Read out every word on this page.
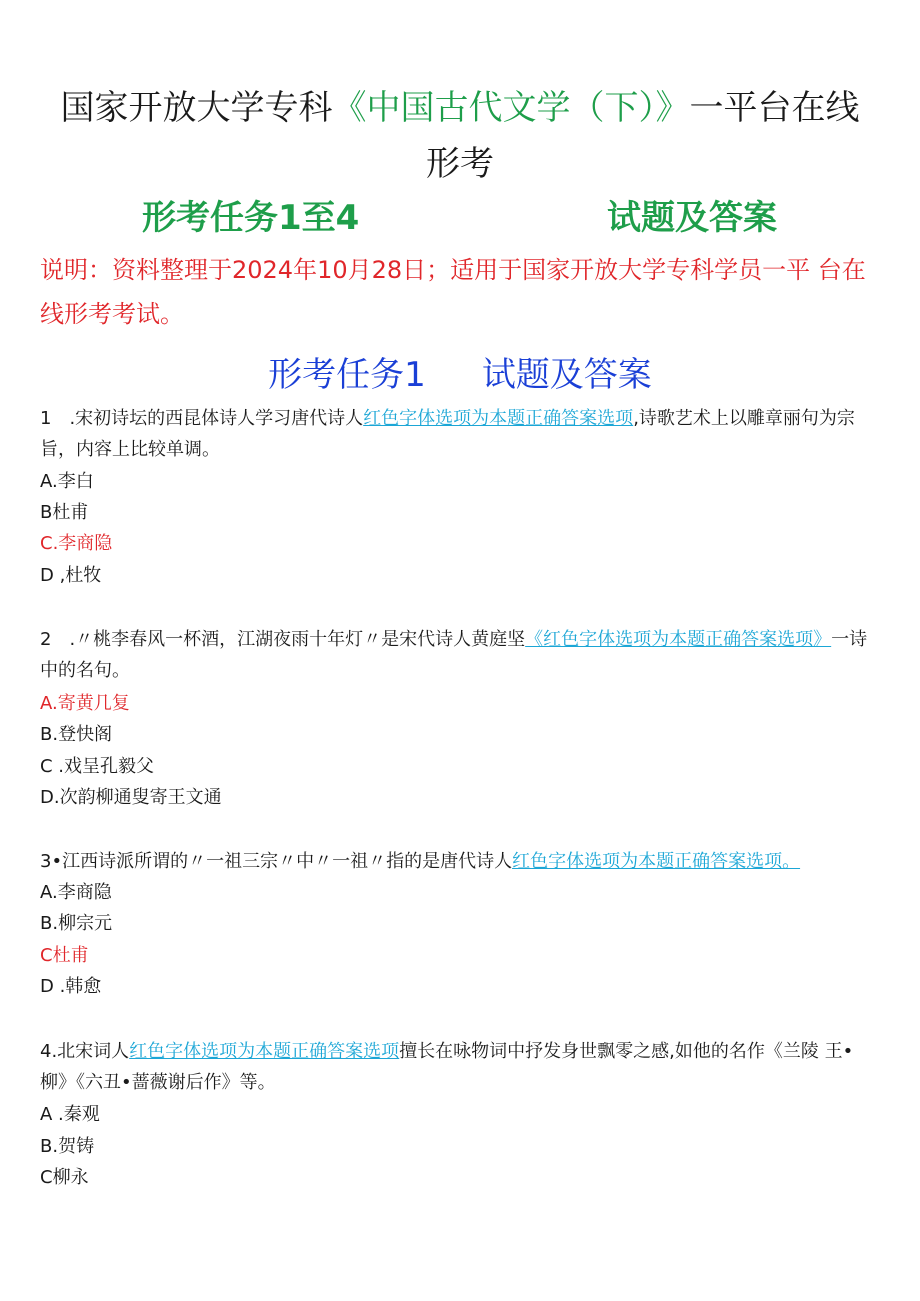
国家开放大学专科《中国古代文学（下）》一平台在线
形考
形考任务1至4	试题及答案

说明：资料整理于2024年10月28日；适用于国家开放大学专科学员一平 台在线形考考试。

形考任务1 试题及答案

1　.宋初诗坛的西昆体诗人学习唐代诗人红色字体选项为本题正确答案选项,诗歌艺术上以雕章丽句为宗旨，内容上比较单调。

A.李白

B杜甫

C.李商隐

D ,杜牧

2　.〃桃李春风一杯酒，江湖夜雨十年灯〃是宋代诗人黄庭坚《红色字体选项为本题正确答案选项》一诗 中的名句。

A.寄黄几复

B.登快阁

C .戏呈孔毅父

D.次韵柳通叟寄王文通

3•江西诗派所谓的〃一祖三宗〃中〃一祖〃指的是唐代诗人红色字体选项为本题正确答案选项。

A.李商隐

B.柳宗元

C杜甫

D .韩愈

4.北宋词人红色字体选项为本题正确答案选项擅长在咏物词中抒发身世飘零之感,如他的名作《兰陵 王•柳》《六丑•蔷薇谢后作》等。

A .秦观

B.贺铸

C柳永
